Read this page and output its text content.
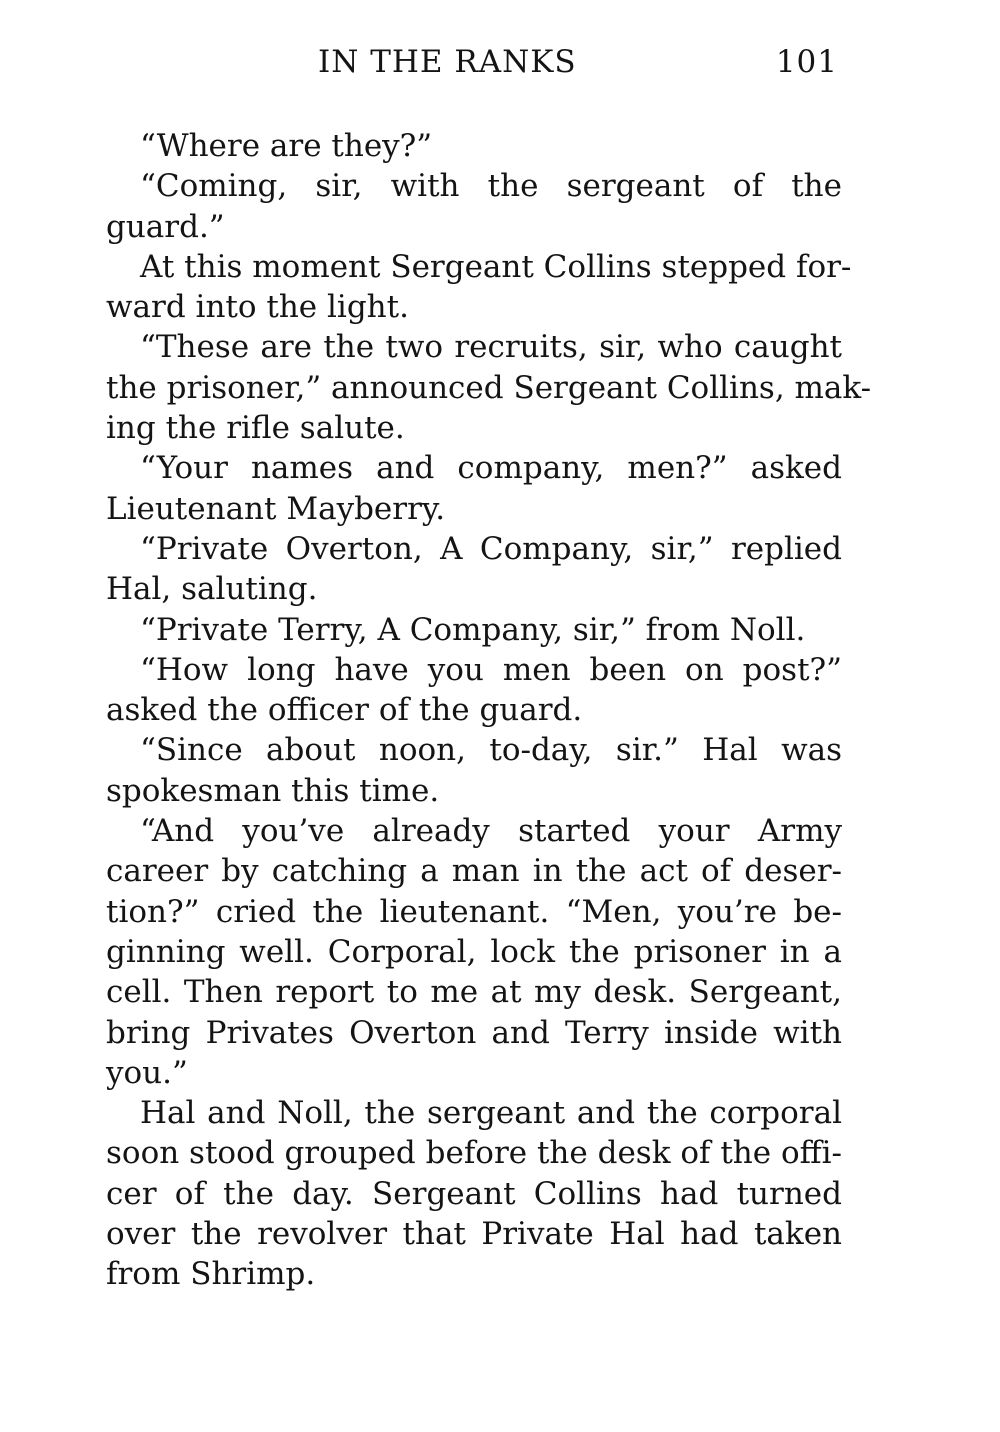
IN THE RANKS	101
“Where are they?”
“Coming, sir, with the sergeant of the
guard.”
At this moment Sergeant Collins stepped for-
ward into the light.
“These are the two recruits, sir, who caught
the prisoner,” announced Sergeant Collins, mak-
ing the rifle salute.
“Your names and company, men?” asked
Lieutenant Mayberry.
“Private Overton, A Company, sir,” replied
Hal, saluting.
“Private Terry, A Company, sir,” from Noll.
“How long have you men been on post?”
asked the officer of the guard.
“Since about noon, to-day, sir.” Hal was
spokesman this time.
“And you’ve already started your Army
career by catching a man in the act of deser-
tion?” cried the lieutenant. “Men, you’re be-
ginning well. Corporal, lock the prisoner in a
cell. Then report to me at my desk. Sergeant,
bring Privates Overton and Terry inside with
you.”
Hal and Noll, the sergeant and the corporal
soon stood grouped before the desk of the offi-
cer of the day. Sergeant Collins had turned
over the revolver that Private Hal had taken
from Shrimp.
